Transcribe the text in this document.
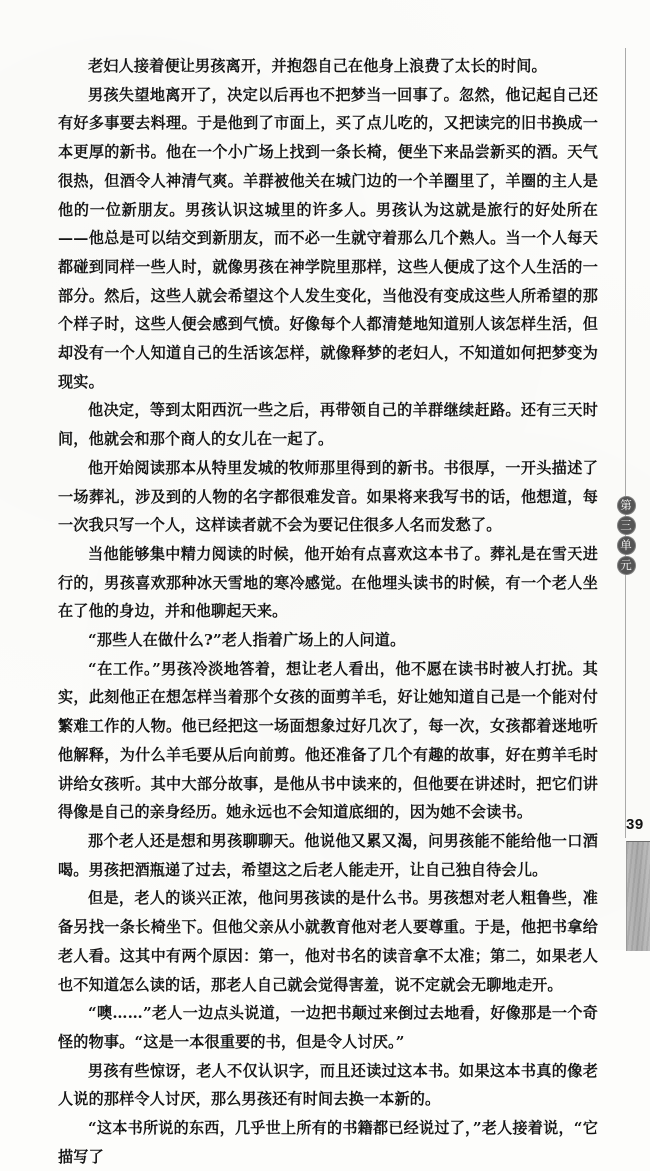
老妇人接着便让男孩离开，并抱怨自己在他身上浪费了太长的时间。

男孩失望地离开了，决定以后再也不把梦当一回事了。忽然，他记起自己还有好多事要去料理。于是他到了市面上，买了点儿吃的，又把读完的旧书换成一本更厚的新书。他在一个小广场上找到一条长椅，便坐下来品尝新买的酒。天气很热，但酒令人神清气爽。羊群被他关在城门边的一个羊圈里了，羊圈的主人是他的一位新朋友。男孩认识这城里的许多人。男孩认为这就是旅行的好处所在——他总是可以结交到新朋友，而不必一生就守着那么几个熟人。当一个人每天都碰到同样一些人时，就像男孩在神学院里那样，这些人便成了这个人生活的一部分。然后，这些人就会希望这个人发生变化，当他没有变成这些人所希望的那个样子时，这些人便会感到气愤。好像每个人都清楚地知道别人该怎样生活，但却没有一个人知道自己的生活该怎样，就像释梦的老妇人，不知道如何把梦变为现实。

他决定，等到太阳西沉一些之后，再带领自己的羊群继续赶路。还有三天时间，他就会和那个商人的女儿在一起了。

他开始阅读那本从特里发城的牧师那里得到的新书。书很厚，一开头描述了一场葬礼，涉及到的人物的名字都很难发音。如果将来我写书的话，他想道，每一次我只写一个人，这样读者就不会为要记住很多人名而发愁了。

当他能够集中精力阅读的时候，他开始有点喜欢这本书了。葬礼是在雪天进行的，男孩喜欢那种冰天雪地的寒冷感觉。在他埋头读书的时候，有一个老人坐在了他的身边，并和他聊起天来。

“那些人在做什么?”老人指着广场上的人问道。

“在工作。”男孩冷淡地答着，想让老人看出，他不愿在读书时被人打扰。其实，此刻他正在想怎样当着那个女孩的面剪羊毛，好让她知道自己是一个能对付繁难工作的人物。他已经把这一场面想象过好几次了，每一次，女孩都着迷地听他解释，为什么羊毛要从后向前剪。他还准备了几个有趣的故事，好在剪羊毛时讲给女孩听。其中大部分故事，是他从书中读来的，但他要在讲述时，把它们讲得像是自己的亲身经历。她永远也不会知道底细的，因为她不会读书。

那个老人还是想和男孩聊聊天。他说他又累又渴，问男孩能不能给他一口酒喝。男孩把酒瓶递了过去，希望这之后老人能走开，让自己独自待会儿。

但是，老人的谈兴正浓，他问男孩读的是什么书。男孩想对老人粗鲁些，准备另找一条长椅坐下。但他父亲从小就教育他对老人要尊重。于是，他把书拿给老人看。这其中有两个原因：第一，他对书名的读音拿不太准；第二，如果老人也不知道怎么读的话，那老人自己就会觉得害羞，说不定就会无聊地走开。

“噢……”老人一边点头说道，一边把书颠过来倒过去地看，好像那是一个奇怪的物事。“这是一本很重要的书，但是令人讨厌。”

男孩有些惊讶，老人不仅认识字，而且还读过这本书。如果这本书真的像老人说的那样令人讨厌，那么男孩还有时间去换一本新的。

“这本书所说的东西，几乎世上所有的书籍都已经说过了，”老人接着说，“它描写了

第
三
单
元
39
